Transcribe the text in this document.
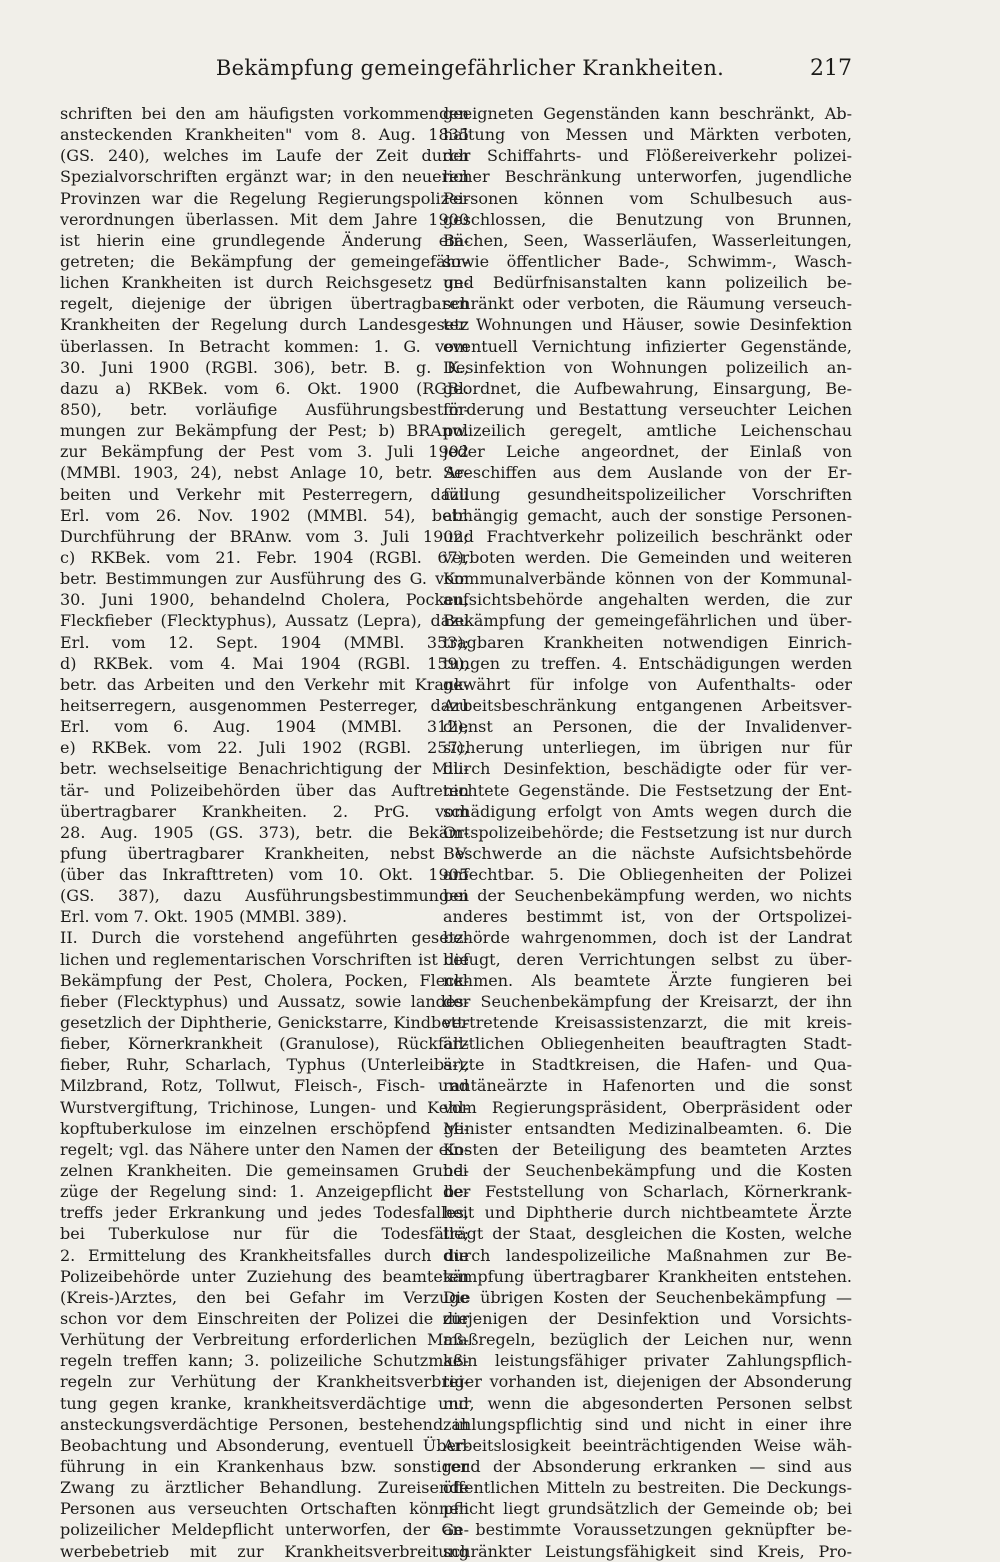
Bekämpfung gemeingefährlicher Krankheiten.	217
schriften bei den am häufigsten vorkommenden
ansteckenden Krankheiten" vom 8. Aug. 1835
(GS. 240), welches im Laufe der Zeit durch
Spezialvorschriften ergänzt war; in den neueren
Provinzen war die Regelung Regierungspolizei-
verordnungen überlassen. Mit dem Jahre 1900
ist hierin eine grundlegende Änderung ein-
getreten; die Bekämpfung der gemeingefähr-
lichen Krankheiten ist durch Reichsgesetz ge-
regelt, diejenige der übrigen übertragbaren
Krankheiten der Regelung durch Landesgesetz
überlassen. In Betracht kommen: 1. G. vom
30. Juni 1900 (RGBl. 306), betr. B. g. K.,
dazu a) RKBek. vom 6. Okt. 1900 (RGBl.
850), betr. vorläufige Ausführungsbestim-
mungen zur Bekämpfung der Pest; b) BRAnw.
zur Bekämpfung der Pest vom 3. Juli 1902
(MMBl. 1903, 24), nebst Anlage 10, betr. Ar-
beiten und Verkehr mit Pesterregern, dazu
Erl. vom 26. Nov. 1902 (MMBl. 54), betr.
Durchführung der BRAnw. vom 3. Juli 1902;
c) RKBek. vom 21. Febr. 1904 (RGBl. 67),
betr. Bestimmungen zur Ausführung des G. vom
30. Juni 1900, behandelnd Cholera, Pocken,
Fleckfieber (Flecktyphus), Aussatz (Lepra), dazu
Erl. vom 12. Sept. 1904 (MMBl. 353);
d) RKBek. vom 4. Mai 1904 (RGBl. 159),
betr. das Arbeiten und den Verkehr mit Krank-
heitserregern, ausgenommen Pesterreger, dazu
Erl. vom 6. Aug. 1904 (MMBl. 312);
e) RKBek. vom 22. Juli 1902 (RGBl. 257),
betr. wechselseitige Benachrichtigung der Mili-
tär- und Polizeibehörden über das Auftreten
übertragbarer Krankheiten. 2. PrG. vom
28. Aug. 1905 (GS. 373), betr. die Bekäm-
pfung übertragbarer Krankheiten, nebst V.
(über das Inkrafttreten) vom 10. Okt. 1905
(GS. 387), dazu Ausführungsbestimmungen
Erl. vom 7. Okt. 1905 (MMBl. 389).
II. Durch die vorstehend angeführten gesetz-
lichen und reglementarischen Vorschriften ist die
Bekämpfung der Pest, Cholera, Pocken, Fleck-
fieber (Flecktyphus) und Aussatz, sowie landes-
gesetzlich der Diphtherie, Genickstarre, Kindbett-
fieber, Körnerkrankheit (Granulose), Rückfall-
fieber, Ruhr, Scharlach, Typhus (Unterleibs-),
Milzbrand, Rotz, Tollwut, Fleisch-, Fisch- und
Wurstvergiftung, Trichinose, Lungen- und Kehl-
kopftuberkulose im einzelnen erschöpfend ge-
regelt; vgl. das Nähere unter den Namen der ein-
zelnen Krankheiten. Die gemeinsamen Grund-
züge der Regelung sind: 1. Anzeigepflicht be-
treffs jeder Erkrankung und jedes Todesfalles,
bei Tuberkulose nur für die Todesfälle;
2. Ermittelung des Krankheitsfalles durch die
Polizeibehörde unter Zuziehung des beamteten
(Kreis-)Arztes, den bei Gefahr im Verzuge
schon vor dem Einschreiten der Polizei die zur
Verhütung der Verbreitung erforderlichen Maß-
regeln treffen kann; 3. polizeiliche Schutzmaß-
regeln zur Verhütung der Krankheitsverbrei-
tung gegen kranke, krankheitsverdächtige und
ansteckungsverdächtige Personen, bestehend in
Beobachtung und Absonderung, eventuell Über-
führung in ein Krankenhaus bzw. sonstiger
Zwang zu ärztlicher Behandlung. Zureisende
Personen aus verseuchten Ortschaften können
polizeilicher Meldepflicht unterworfen, der Ge-
werbebetrieb mit zur Krankheitsverbreitung
geeigneten Gegenständen kann beschränkt, Ab-
haltung von Messen und Märkten verboten,
der Schiffahrts- und Flößereiverkehr polizei-
licher Beschränkung unterworfen, jugendliche
Personen können vom Schulbesuch aus-
geschlossen, die Benutzung von Brunnen,
Bächen, Seen, Wasserläufen, Wasserleitungen,
sowie öffentlicher Bade-, Schwimm-, Wasch-
und Bedürfnisanstalten kann polizeilich be-
schränkt oder verboten, die Räumung verseuch-
ter Wohnungen und Häuser, sowie Desinfektion
eventuell Vernichtung infizierter Gegenstände,
Desinfektion von Wohnungen polizeilich an-
geordnet, die Aufbewahrung, Einsargung, Be-
förderung und Bestattung verseuchter Leichen
polizeilich geregelt, amtliche Leichenschau
jeder Leiche angeordnet, der Einlaß von
Seeschiffen aus dem Auslande von der Er-
füllung gesundheitspolizeilicher Vorschriften
abhängig gemacht, auch der sonstige Personen-
und Frachtverkehr polizeilich beschränkt oder
verboten werden. Die Gemeinden und weiteren
Kommunalverbände können von der Kommunal-
aufsichtsbehörde angehalten werden, die zur
Bekämpfung der gemeingefährlichen und über-
tragbaren Krankheiten notwendigen Einrich-
tungen zu treffen. 4. Entschädigungen werden
gewährt für infolge von Aufenthalts- oder
Arbeitsbeschränkung entgangenen Arbeitsver-
dienst an Personen, die der Invalidenver-
sicherung unterliegen, im übrigen nur für
durch Desinfektion, beschädigte oder für ver-
nichtete Gegenstände. Die Festsetzung der Ent-
schädigung erfolgt von Amts wegen durch die
Ortspolizeibehörde; die Festsetzung ist nur durch
Beschwerde an die nächste Aufsichtsbehörde
anfechtbar. 5. Die Obliegenheiten der Polizei
bei der Seuchenbekämpfung werden, wo nichts
anderes bestimmt ist, von der Ortspolizei-
behörde wahrgenommen, doch ist der Landrat
befugt, deren Verrichtungen selbst zu über-
nehmen. Als beamtete Ärzte fungieren bei
der Seuchenbekämpfung der Kreisarzt, der ihn
vertretende Kreisassistenzarzt, die mit kreis-
ärztlichen Obliegenheiten beauftragten Stadt-
ärzte in Stadtkreisen, die Hafen- und Qua-
rantäneärzte in Hafenorten und die sonst
vom Regierungspräsident, Oberpräsident oder
Minister entsandten Medizinalbeamten. 6. Die
Kosten der Beteiligung des beamteten Arztes
bei der Seuchenbekämpfung und die Kosten
der Feststellung von Scharlach, Körnerkrank-
heit und Diphtherie durch nichtbeamtete Ärzte
trägt der Staat, desgleichen die Kosten, welche
durch landespolizeiliche Maßnahmen zur Be-
kämpfung übertragbarer Krankheiten entstehen.
Die übrigen Kosten der Seuchenbekämpfung —
diejenigen der Desinfektion und Vorsichts-
maßregeln, bezüglich der Leichen nur, wenn
kein leistungsfähiger privater Zahlungspflich-
tiger vorhanden ist, diejenigen der Absonderung
nur, wenn die abgesonderten Personen selbst
zahlungspflichtig sind und nicht in einer ihre
Arbeitslosigkeit beeinträchtigenden Weise wäh-
rend der Absonderung erkranken — sind aus
öffentlichen Mitteln zu bestreiten. Die Deckungs-
pflicht liegt grundsätzlich der Gemeinde ob; bei
an bestimmte Voraussetzungen geknüpfter be-
schränkter Leistungsfähigkeit sind Kreis, Pro-
